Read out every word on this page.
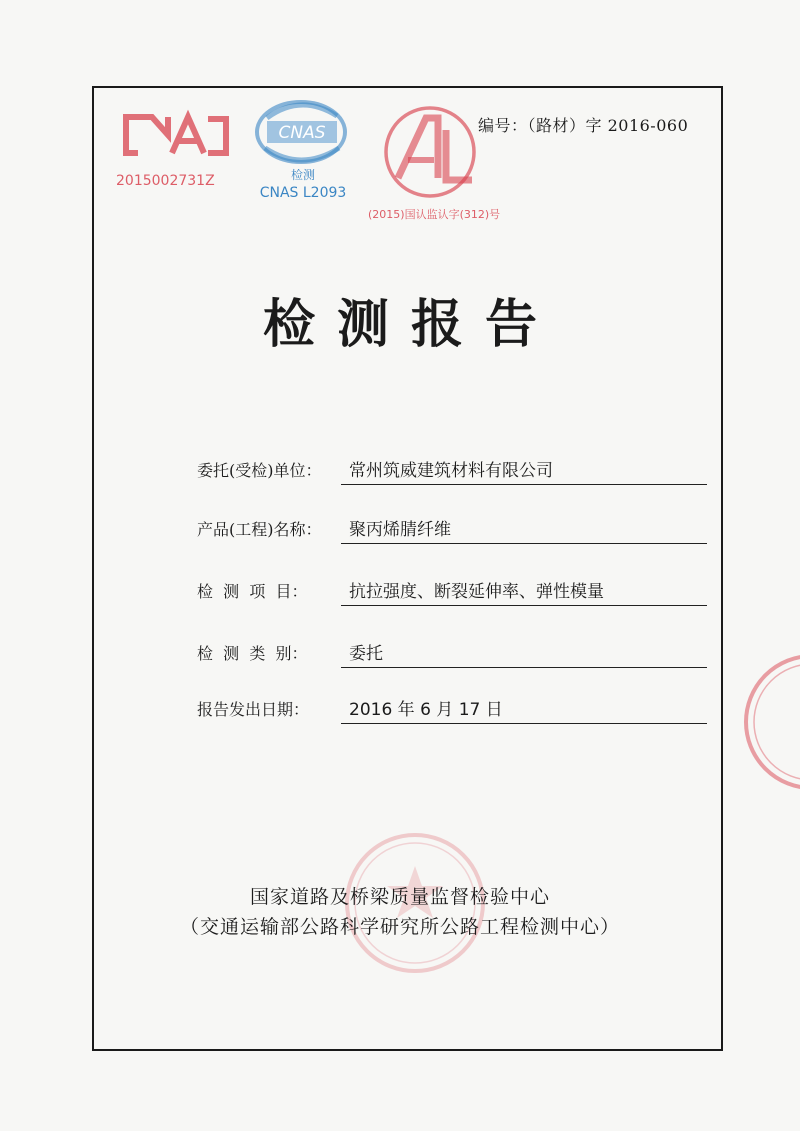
2015002731Z
CNAS
检测
CNAS L2093
(2015)国认监认字(312)号
编号：（路材）字 2016-060
检测报告
委托(受检)单位： 常州筑威建筑材料有限公司
产品(工程)名称： 聚丙烯腈纤维
检  测  项  目： 抗拉强度、断裂延伸率、弹性模量
检  测  类  别： 委托
报告发出日期： 2016 年 6 月 17 日
国家道路及桥梁质量监督检验中心
（交通运输部公路科学研究所公路工程检测中心）
